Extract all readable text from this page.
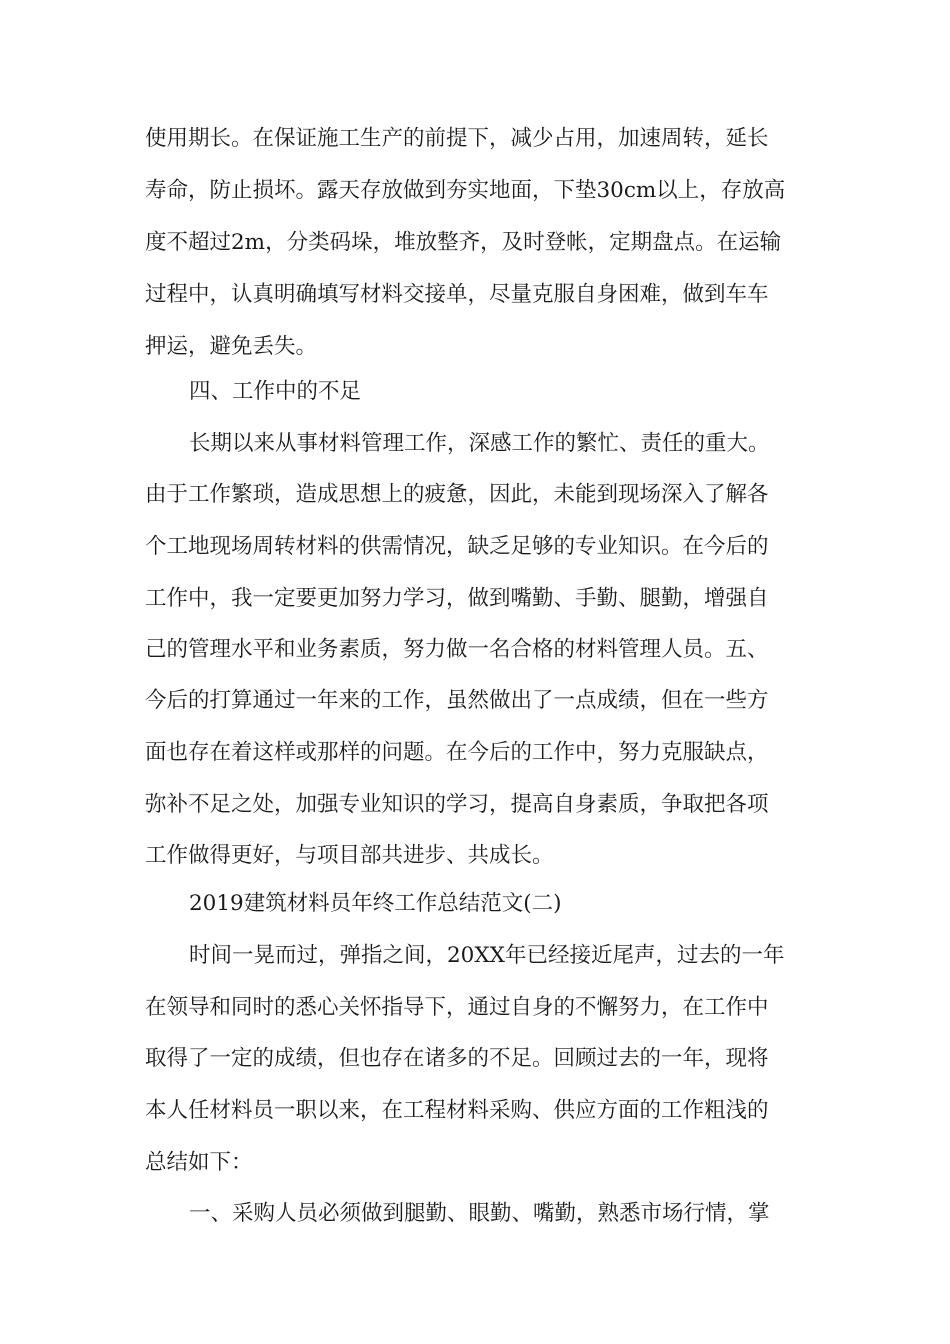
使用期长。在保证施工生产的前提下，减少占用，加速周转，延长
寿命，防止损坏。露天存放做到夯实地面，下垫30cm以上，存放高
度不超过2m，分类码垛，堆放整齐，及时登帐，定期盘点。在运输
过程中，认真明确填写材料交接单，尽量克服自身困难，做到车车
押运，避免丢失。
四、工作中的不足
长期以来从事材料管理工作，深感工作的繁忙、责任的重大。
由于工作繁琐，造成思想上的疲惫，因此，未能到现场深入了解各
个工地现场周转材料的供需情况，缺乏足够的专业知识。在今后的
工作中，我一定要更加努力学习，做到嘴勤、手勤、腿勤，增强自
己的管理水平和业务素质，努力做一名合格的材料管理人员。五、
今后的打算通过一年来的工作，虽然做出了一点成绩，但在一些方
面也存在着这样或那样的问题。在今后的工作中，努力克服缺点，
弥补不足之处，加强专业知识的学习，提高自身素质，争取把各项
工作做得更好，与项目部共进步、共成长。
2019建筑材料员年终工作总结范文(二)
时间一晃而过，弹指之间，20XX年已经接近尾声，过去的一年
在领导和同时的悉心关怀指导下，通过自身的不懈努力，在工作中
取得了一定的成绩，但也存在诸多的不足。回顾过去的一年，现将
本人任材料员一职以来，在工程材料采购、供应方面的工作粗浅的
总结如下：
一、采购人员必须做到腿勤、眼勤、嘴勤，熟悉市场行情，掌
